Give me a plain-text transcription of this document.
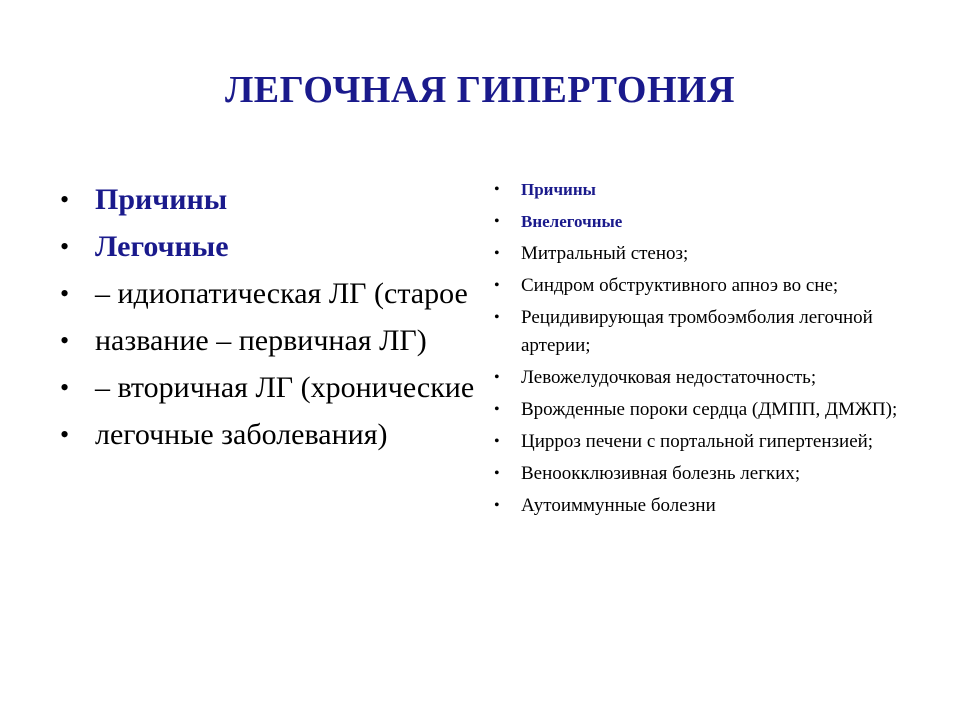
ЛЕГОЧНАЯ ГИПЕРТОНИЯ
• Причины
• Легочные
• – идиопатическая ЛГ (старое
• название – первичная ЛГ)
• – вторичная ЛГ (хронические
• легочные заболевания)
• Причины
• Внелегочные
• Митральный стеноз;
• Синдром обструктивного апноэ во сне;
• Рецидивирующая тромбоэмболия легочной артерии;
• Левожелудочковая недостаточность;
• Врожденные пороки сердца (ДМПП, ДМЖП);
• Цирроз печени с портальной гипертензией;
• Веноокклюзивная болезнь легких;
• Аутоиммунные болезни
